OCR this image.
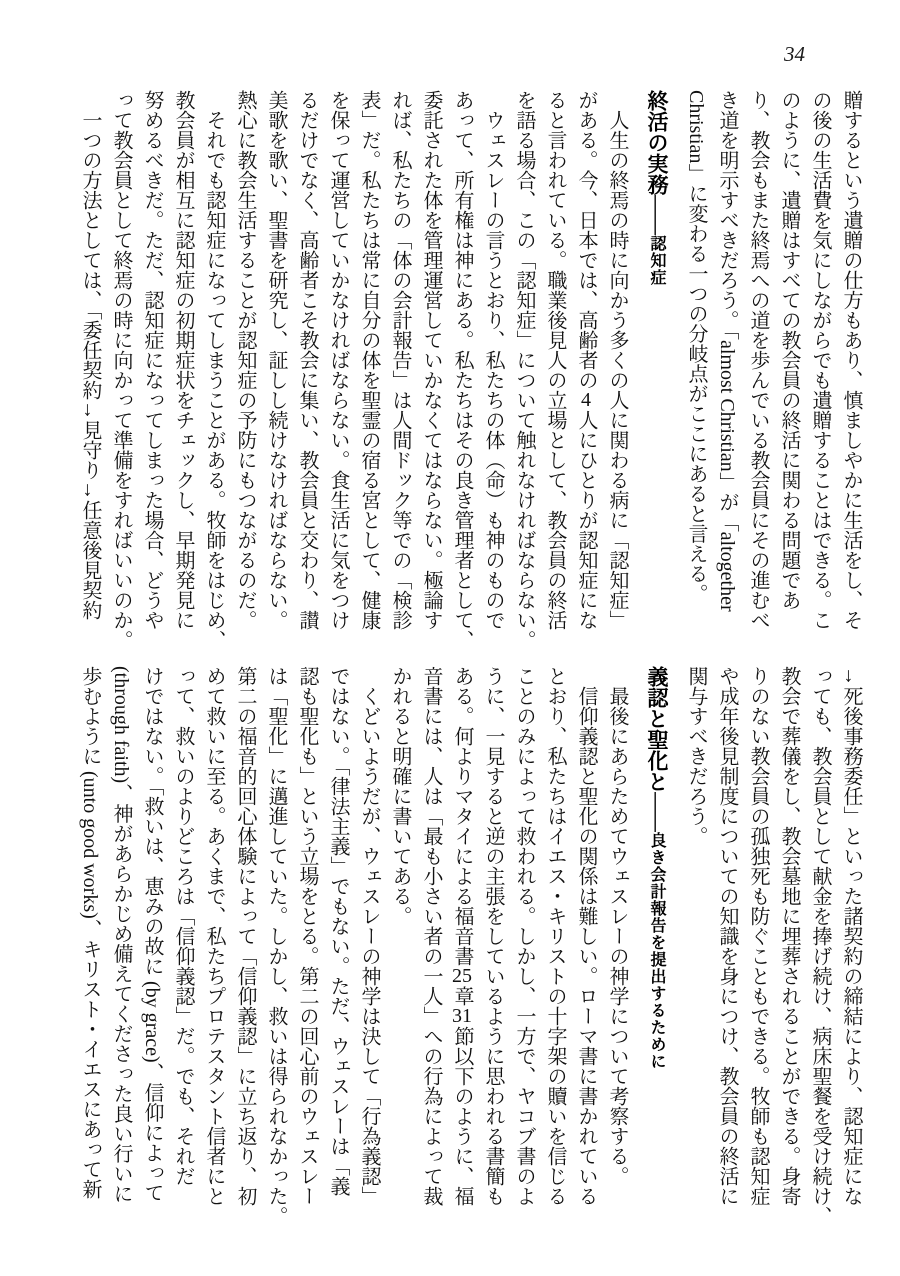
34

贈するという遺贈の仕方もあり、慎ましやかに生活をし、そ
の後の生活費を気にしながらでも遺贈することはできる。こ
のように、遺贈はすべての教会員の終活に関わる問題であ
り、教会もまた終焉への道を歩んでいる教会員にその進むべ
き道を明示すべきだろう。「almost Christian」が「altogether
Christian」に変わる一つの分岐点がここにあると言える。

終活の実務――認知症

　人生の終焉の時に向かう多くの人に関わる病に「認知症」
がある。今、日本では、高齢者の4人にひとりが認知症にな
ると言われている。職業後見人の立場として、教会員の終活
を語る場合、この「認知症」について触れなければならない。

　ウェスレーの言うとおり、私たちの体（命）も神のもので
あって、所有権は神にある。私たちはその良き管理者として、
委託された体を管理運営していかなくてはならない。極論す
れば、私たちの「体の会計報告」は人間ドック等での「検診
表」だ。私たちは常に自分の体を聖霊の宿る宮として、健康
を保って運営していかなければならない。食生活に気をつけ
るだけでなく、高齢者こそ教会に集い、教会員と交わり、讃
美歌を歌い、聖書を研究し、証しし続けなければならない。
熱心に教会生活することが認知症の予防にもつながるのだ。

　それでも認知症になってしまうことがある。牧師をはじめ、
教会員が相互に認知症の初期症状をチェックし、早期発見に
努めるべきだ。ただ、認知症になってしまった場合、どうや
って教会員として終焉の時に向かって準備をすればいいのか。

　一つの方法としては、「委任契約→見守り→任意後見契約

→死後事務委任」といった諸契約の締結により、認知症にな
っても、教会員として献金を捧げ続け、病床聖餐を受け続け、
教会で葬儀をし、教会墓地に埋葬されることができる。身寄
りのない教会員の孤独死も防ぐこともできる。牧師も認知症
や成年後見制度についての知識を身につけ、教会員の終活に
関与すべきだろう。

義認と聖化と――良き会計報告を提出するために

　最後にあらためてウェスレーの神学について考察する。

　信仰義認と聖化の関係は難しい。ローマ書に書かれている
とおり、私たちはイエス・キリストの十字架の贖いを信じる
ことのみによって救われる。しかし、一方で、ヤコブ書のよ
うに、一見すると逆の主張をしているように思われる書簡も
ある。何よりマタイによる福音書25章31節以下のように、福
音書には、人は「最も小さい者の一人」への行為によって裁
かれると明確に書いてある。

　くどいようだが、ウェスレーの神学は決して「行為義認」
ではない。「律法主義」でもない。ただ、ウェスレーは「義
認も聖化も」という立場をとる。第二の回心前のウェスレー
は「聖化」に邁進していた。しかし、救いは得られなかった。
第二の福音的回心体験によって「信仰義認」に立ち返り、初
めて救いに至る。あくまで、私たちプロテスタント信者にと
って、救いのよりどころは「信仰義認」だ。でも、それだ
けではない。「救いは、恵みの故に (by grace)、信仰によって
(through faith)、神があらかじめ備えてくださった良い行いに
歩むように (unto good works)、キリスト・イエスにあって新
